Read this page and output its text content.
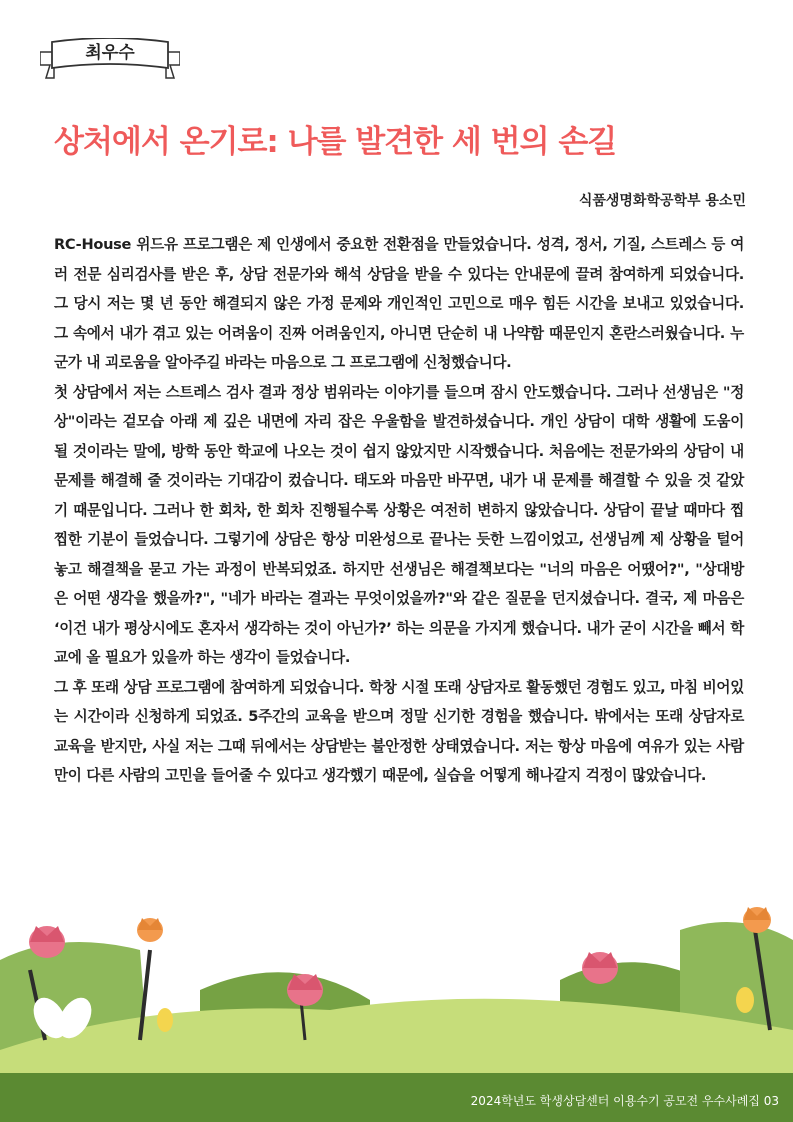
최우수
상처에서 온기로: 나를 발견한 세 번의 손길
식품생명화학공학부 용소민

RC-House 위드유 프로그램은 제 인생에서 중요한 전환점을 만들었습니다. 성격, 정서, 기질, 스트레스 등 여러 전문 심리검사를 받은 후, 상담 전문가와 해석 상담을 받을 수 있다는 안내문에 끌려 참여하게 되었습니다. 그 당시 저는 몇 년 동안 해결되지 않은 가정 문제와 개인적인 고민으로 매우 힘든 시간을 보내고 있었습니다. 그 속에서 내가 겪고 있는 어려움이 진짜 어려움인지, 아니면 단순히 내 나약함 때문인지 혼란스러웠습니다. 누군가 내 괴로움을 알아주길 바라는 마음으로 그 프로그램에 신청했습니다.

첫 상담에서 저는 스트레스 검사 결과 정상 범위라는 이야기를 들으며 잠시 안도했습니다. 그러나 선생님은 "정상"이라는 겉모습 아래 제 깊은 내면에 자리 잡은 우울함을 발견하셨습니다. 개인 상담이 대학 생활에 도움이 될 것이라는 말에, 방학 동안 학교에 나오는 것이 쉽지 않았지만 시작했습니다. 처음에는 전문가와의 상담이 내 문제를 해결해 줄 것이라는 기대감이 컸습니다. 태도와 마음만 바꾸면, 내가 내 문제를 해결할 수 있을 것 같았기 때문입니다. 그러나 한 회차, 한 회차 진행될수록 상황은 여전히 변하지 않았습니다. 상담이 끝날 때마다 찝찝한 기분이 들었습니다. 그렇기에 상담은 항상 미완성으로 끝나는 듯한 느낌이었고, 선생님께 제 상황을 털어놓고 해결책을 묻고 가는 과정이 반복되었죠. 하지만 선생님은 해결책보다는 "너의 마음은 어땠어?", "상대방은 어떤 생각을 했을까?", "네가 바라는 결과는 무엇이었을까?"와 같은 질문을 던지셨습니다. 결국, 제 마음은 ‘이건 내가 평상시에도 혼자서 생각하는 것이 아닌가?’ 하는 의문을 가지게 했습니다. 내가 굳이 시간을 빼서 학교에 올 필요가 있을까 하는 생각이 들었습니다.

그 후 또래 상담 프로그램에 참여하게 되었습니다. 학창 시절 또래 상담자로 활동했던 경험도 있고, 마침 비어있는 시간이라 신청하게 되었죠. 5주간의 교육을 받으며 정말 신기한 경험을 했습니다. 밖에서는 또래 상담자로 교육을 받지만, 사실 저는 그때 뒤에서는 상담받는 불안정한 상태였습니다. 저는 항상 마음에 여유가 있는 사람만이 다른 사람의 고민을 들어줄 수 있다고 생각했기 때문에, 실습을 어떻게 해나갈지 걱정이 많았습니다.

2024학년도 학생상담센터 이용수기 공모전 우수사례집 03
